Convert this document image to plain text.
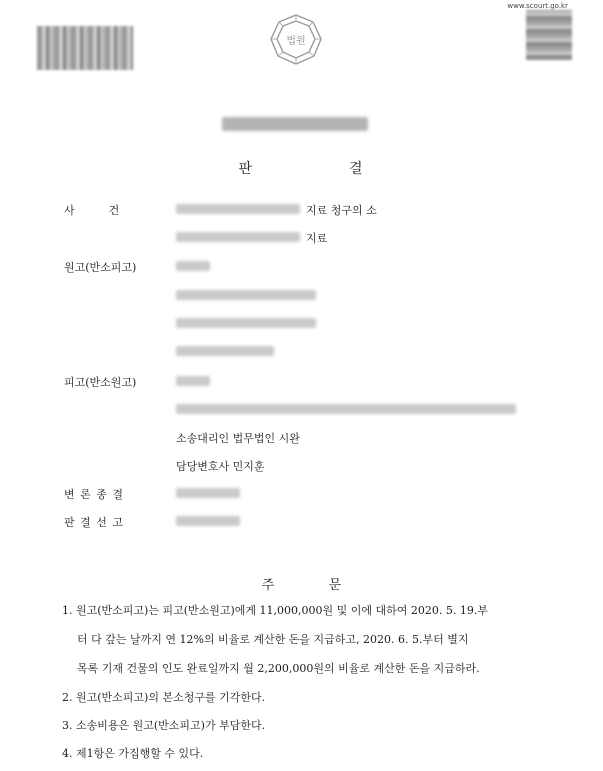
www.scourt.go.kr
법원
판	결
사	건	지료 청구의 소
지료
원고(반소피고)
피고(반소원고)
소송대리인 법무법인 시완
담당변호사 민지훈
변 론 종 결
판 결 선 고
주	문
1. 원고(반소피고)는 피고(반소원고)에게 11,000,000원 및 이에 대하여 2020. 5. 19.부
터 다 갚는 날까지 연 12%의 비율로 계산한 돈을 지급하고, 2020. 6. 5.부터 별지
목록 기재 건물의 인도 완료일까지 월 2,200,000원의 비율로 계산한 돈을 지급하라.
2. 원고(반소피고)의 본소청구를 기각한다.
3. 소송비용은 원고(반소피고)가 부담한다.
4. 제1항은 가집행할 수 있다.
